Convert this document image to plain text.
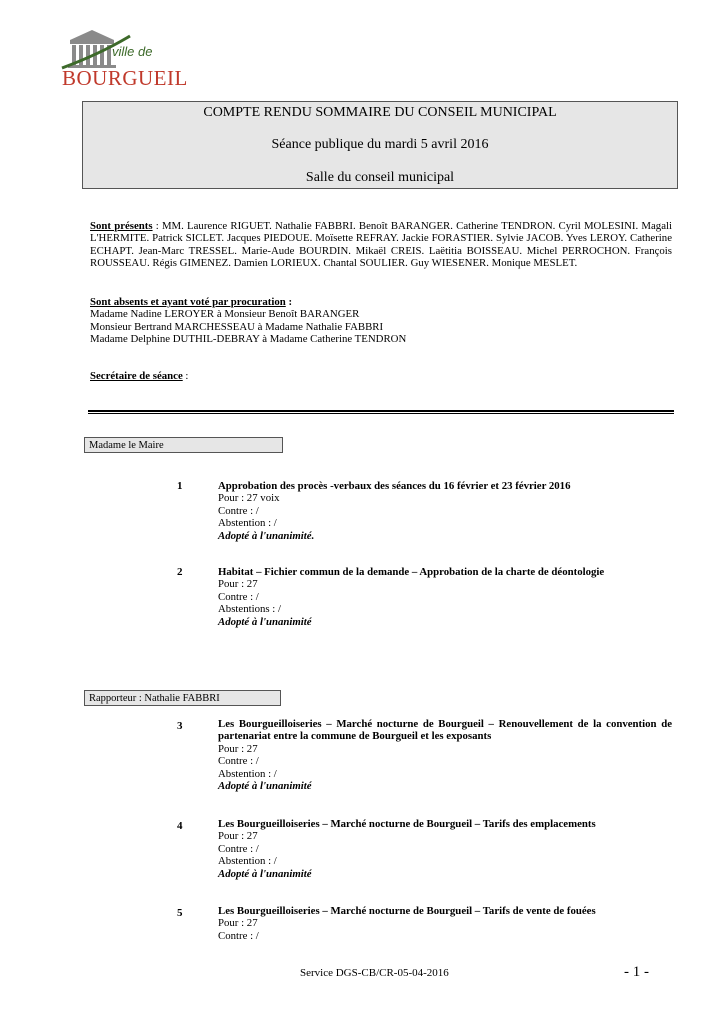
ville de
BOURGUEIL
COMPTE RENDU SOMMAIRE DU CONSEIL MUNICIPAL
Séance publique du mardi 5 avril 2016
Salle du conseil municipal
Sont présents : MM. Laurence RIGUET. Nathalie FABBRI. Benoît BARANGER. Catherine TENDRON. Cyril MOLESINI. Magali L'HERMITE. Patrick SICLET. Jacques PIEDOUE. Moïsette REFRAY. Jackie FORASTIER. Sylvie JACOB. Yves LEROY. Catherine ECHAPT. Jean-Marc TRESSEL. Marie-Aude BOURDIN. Mikaël CREIS. Laëtitia BOISSEAU. Michel PERROCHON. François ROUSSEAU. Régis GIMENEZ. Damien LORIEUX. Chantal SOULIER. Guy WIESENER. Monique MESLET.
Sont absents et ayant voté par procuration :
Madame Nadine LEROYER à Monsieur Benoît BARANGER
Monsieur Bertrand MARCHESSEAU à Madame Nathalie FABBRI
Madame Delphine DUTHIL-DEBRAY à Madame Catherine TENDRON
Secrétaire de séance :
Madame le Maire
1	Approbation des procès -verbaux des séances du 16 février et 23 février 2016
Pour : 27 voix
Contre : /
Abstention : /
Adopté à l'unanimité.
2	Habitat – Fichier commun de la demande – Approbation de la charte de déontologie
Pour : 27
Contre : /
Abstentions : /
Adopté à l'unanimité
Rapporteur : Nathalie FABBRI
3	Les Bourgueilloiseries – Marché nocturne de Bourgueil – Renouvellement de la convention de partenariat entre la commune de Bourgueil et les exposants
Pour : 27
Contre : /
Abstention : /
Adopté à l'unanimité
4	Les Bourgueilloiseries – Marché nocturne de Bourgueil – Tarifs des emplacements
Pour : 27
Contre : /
Abstention : /
Adopté à l'unanimité
5	Les Bourgueilloiseries – Marché nocturne de Bourgueil – Tarifs de vente de fouées
Pour : 27
Contre : /
Service DGS-CB/CR-05-04-2016	- 1 -
